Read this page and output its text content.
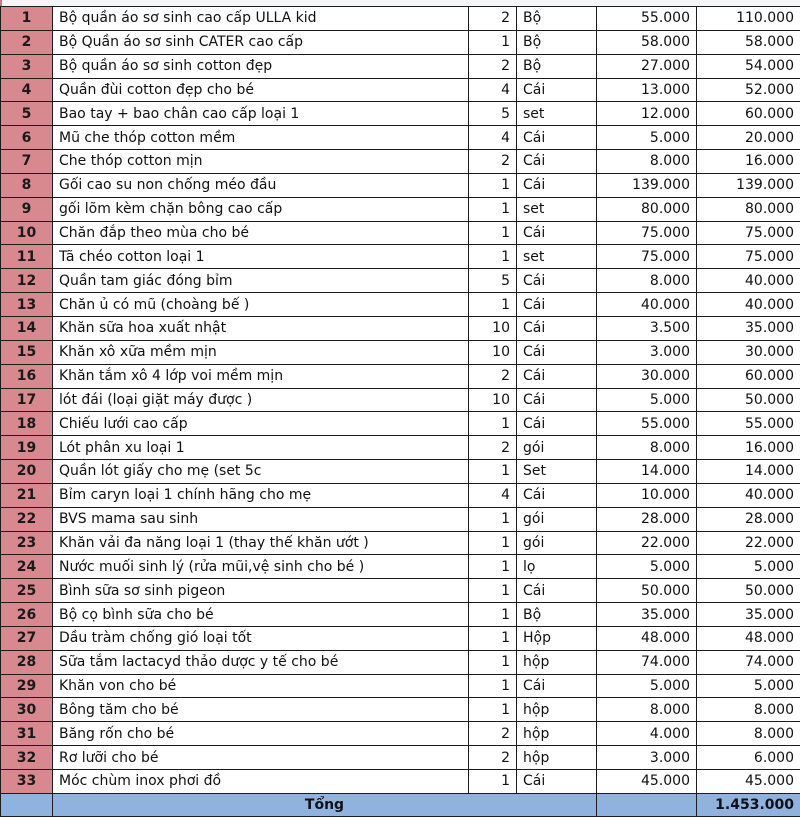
1	Bộ quần áo sơ sinh cao cấp ULLA kid	2	Bộ	55.000	110.000
2	Bộ Quần áo sơ sinh CATER cao cấp	1	Bộ	58.000	58.000
3	Bộ quần áo sơ sinh cotton đẹp	2	Bộ	27.000	54.000
4	Quần đùi cotton đẹp cho bé	4	Cái	13.000	52.000
5	Bao tay + bao chân cao cấp loại 1	5	set	12.000	60.000
6	Mũ che thóp cotton mềm	4	Cái	5.000	20.000
7	Che thóp cotton mịn	2	Cái	8.000	16.000
8	Gối cao su non chống méo đầu	1	Cái	139.000	139.000
9	gối lõm kèm chặn bông cao cấp	1	set	80.000	80.000
10	Chăn đắp theo mùa cho bé	1	Cái	75.000	75.000
11	Tã chéo cotton loại 1	1	set	75.000	75.000
12	Quần tam giác đóng bỉm	5	Cái	8.000	40.000
13	Chăn ủ có mũ (choàng bế )	1	Cái	40.000	40.000
14	Khăn sữa hoa xuất nhật	10	Cái	3.500	35.000
15	Khăn xô xữa mềm mịn	10	Cái	3.000	30.000
16	Khăn tắm xô 4 lớp voi mềm mịn	2	Cái	30.000	60.000
17	lót đái (loại giặt máy được )	10	Cái	5.000	50.000
18	Chiếu lưới cao cấp	1	Cái	55.000	55.000
19	Lót phân xu loại 1	2	gói	8.000	16.000
20	Quần lót giấy cho mẹ (set 5c	1	Set	14.000	14.000
21	Bỉm caryn loại 1 chính hãng cho mẹ	4	Cái	10.000	40.000
22	BVS mama sau sinh	1	gói	28.000	28.000
23	Khăn vải đa năng loại 1 (thay thế khăn ướt )	1	gói	22.000	22.000
24	Nước muối sinh lý (rửa mũi,vệ sinh cho bé )	1	lọ	5.000	5.000
25	Bình sữa sơ sinh pigeon	1	Cái	50.000	50.000
26	Bộ cọ bình sữa cho bé	1	Bộ	35.000	35.000
27	Dầu tràm chống gió loại tốt	1	Hộp	48.000	48.000
28	Sữa tắm lactacyd thảo dược y tế cho bé	1	hộp	74.000	74.000
29	Khăn von cho bé	1	Cái	5.000	5.000
30	Bông tăm cho bé	1	hộp	8.000	8.000
31	Băng rốn cho bé	2	hộp	4.000	8.000
32	Rơ lưỡi cho bé	2	hộp	3.000	6.000
33	Móc chùm inox phơi đồ	1	Cái	45.000	45.000
	Tổng				1.453.000
